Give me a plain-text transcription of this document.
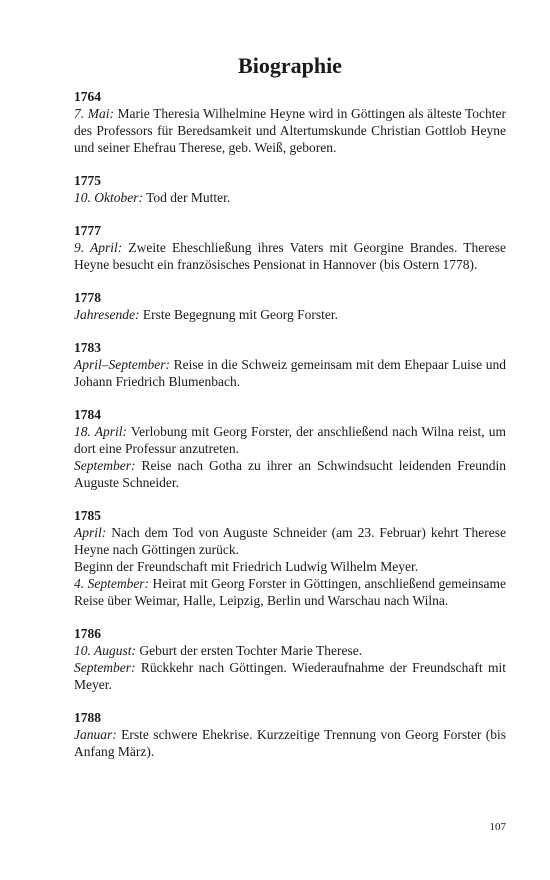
Biographie
1764

7. Mai: Marie Theresia Wilhelmine Heyne wird in Göttingen als älteste Tochter des Professors für Beredsamkeit und Altertumskunde Christian Gottlob Heyne und seiner Ehefrau Therese, geb. Weiß, geboren.

1775

10. Oktober: Tod der Mutter.

1777

9. April: Zweite Eheschließung ihres Vaters mit Georgine Brandes. Therese Heyne besucht ein französisches Pensionat in Hannover (bis Ostern 1778).

1778

Jahresende: Erste Begegnung mit Georg Forster.

1783

April–September: Reise in die Schweiz gemeinsam mit dem Ehepaar Luise und Johann Friedrich Blumenbach.

1784

18. April: Verlobung mit Georg Forster, der anschließend nach Wilna reist, um dort eine Professur anzutreten.

September: Reise nach Gotha zu ihrer an Schwindsucht leidenden Freundin Auguste Schneider.

1785

April: Nach dem Tod von Auguste Schneider (am 23. Februar) kehrt Therese Heyne nach Göttingen zurück.

Beginn der Freundschaft mit Friedrich Ludwig Wilhelm Meyer.

4. September: Heirat mit Georg Forster in Göttingen, anschließend gemeinsame Reise über Weimar, Halle, Leipzig, Berlin und Warschau nach Wilna.

1786

10. August: Geburt der ersten Tochter Marie Therese.

September: Rückkehr nach Göttingen. Wiederaufnahme der Freundschaft mit Meyer.

1788

Januar: Erste schwere Ehekrise. Kurzzeitige Trennung von Georg Forster (bis Anfang März).

107
